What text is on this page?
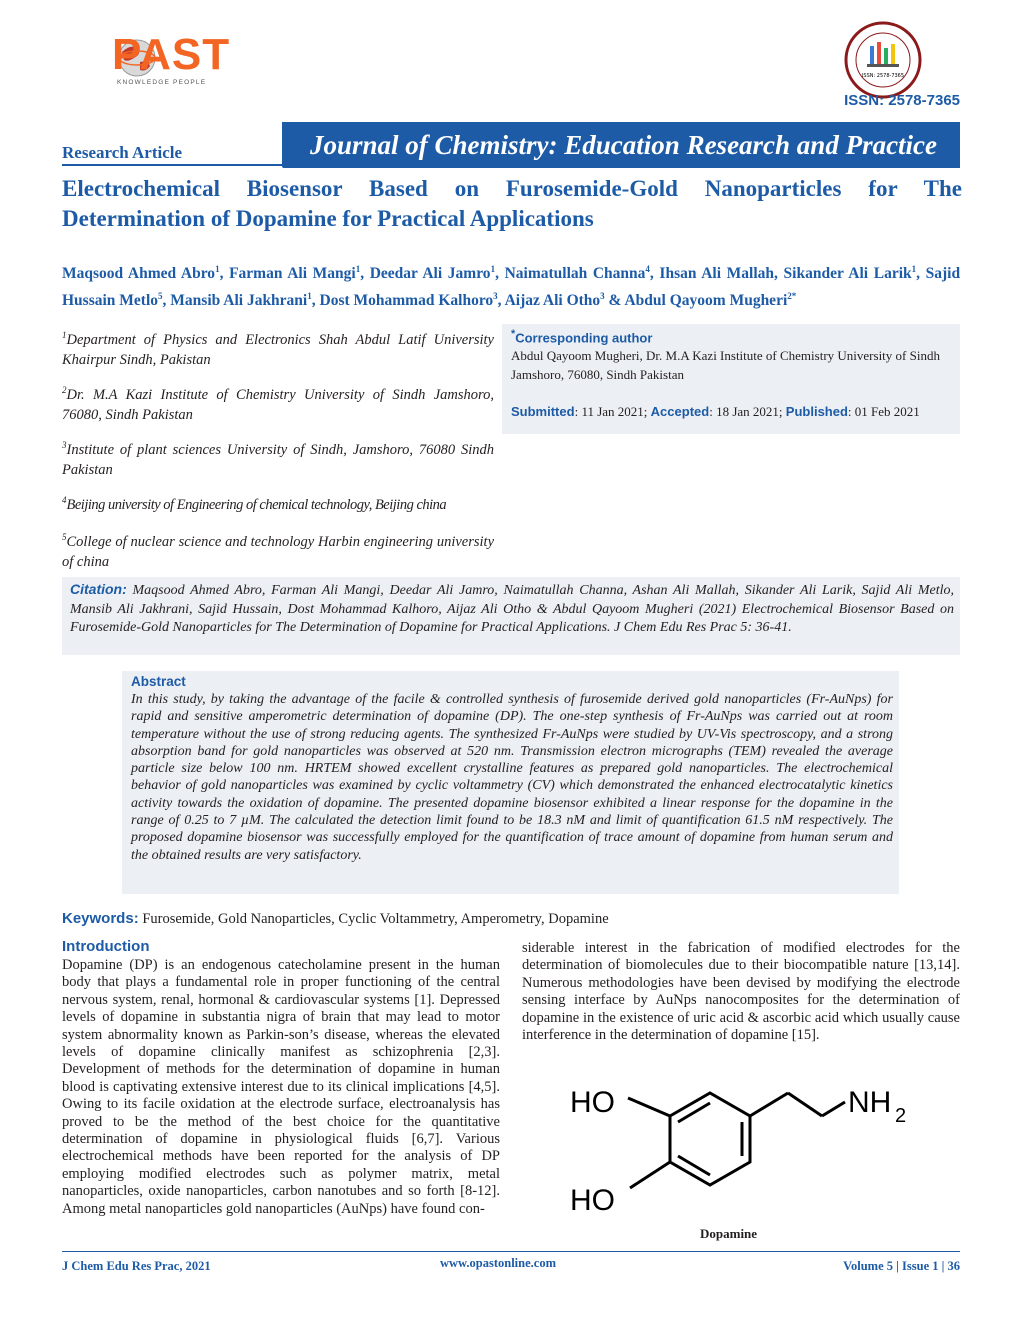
PAST
KNOWLEDGE PEOPLE
ISSN: 2578-7365
ISSN: 2578-7365
Research Article	Journal of Chemistry: Education Research and Practice
Electrochemical Biosensor Based on Furosemide-Gold Nanoparticles for The Determination of Dopamine for Practical Applications
Maqsood Ahmed Abro$^1$, Farman Ali Mangi$^1$, Deedar Ali Jamro$^1$, Naimatullah Channa$^4$, Ihsan Ali Mallah, Sikander Ali Larik$^1$, Sajid Hussain Metlo$^5$, Mansib Ali Jakhrani$^1$, Dost Mohammad Kalhoro$^3$, Aijaz Ali Otho$^3$ & Abdul Qayoom Mugheri$^{2*}$
$^1$Department of Physics and Electronics Shah Abdul Latif University Khairpur Sindh, Pakistan
$^2$Dr. M.A Kazi Institute of Chemistry University of Sindh Jamshoro, 76080, Sindh Pakistan
$^3$Institute of plant sciences University of Sindh, Jamshoro, 76080 Sindh Pakistan
$^4$Beijing university of Engineering of chemical technology, Beijing china
$^5$College of nuclear science and technology Harbin engineering university of china
*Corresponding author
Abdul Qayoom Mugheri, Dr. M.A Kazi Institute of Chemistry University of Sindh Jamshoro, 76080, Sindh Pakistan
Submitted: 11 Jan 2021; Accepted: 18 Jan 2021; Published: 01 Feb 2021
Citation: Maqsood Ahmed Abro, Farman Ali Mangi, Deedar Ali Jamro, Naimatullah Channa, Ashan Ali Mallah, Sikander Ali Larik, Sajid Ali Metlo, Mansib Ali Jakhrani, Sajid Hussain, Dost Mohammad Kalhoro, Aijaz Ali Otho & Abdul Qayoom Mugheri (2021) Electrochemical Biosensor Based on Furosemide-Gold Nanoparticles for The Determination of Dopamine for Practical Applications. J Chem Edu Res Prac 5: 36-41.
Abstract
In this study, by taking the advantage of the facile & controlled synthesis of furosemide derived gold nanoparticles (Fr-AuNps) for rapid and sensitive amperometric determination of dopamine (DP). The one-step synthesis of Fr-AuNps was carried out at room temperature without the use of strong reducing agents. The synthesized Fr-AuNps were studied by UV-Vis spectroscopy, and a strong absorption band for gold nanoparticles was observed at 520 nm. Transmission electron micrographs (TEM) revealed the average particle size below 100 nm. HRTEM showed excellent crystalline features as prepared gold nanoparticles. The electrochemical behavior of gold nanoparticles was examined by cyclic voltammetry (CV) which demonstrated the enhanced electrocatalytic kinetics activity towards the oxidation of dopamine. The presented dopamine biosensor exhibited a linear response for the dopamine in the range of 0.25 to 7 µM. The calculated the detection limit found to be 18.3 nM and limit of quantification 61.5 nM respectively. The proposed dopamine biosensor was successfully employed for the quantification of trace amount of dopamine from human serum and the obtained results are very satisfactory.
Keywords: Furosemide, Gold Nanoparticles, Cyclic Voltammetry, Amperometry, Dopamine
Introduction
Dopamine (DP) is an endogenous catecholamine present in the human body that plays a fundamental role in proper functioning of the central nervous system, renal, hormonal & cardiovascular systems [1]. Depressed levels of dopamine in substantia nigra of brain that may lead to motor system abnormality known as Parkin-son’s disease, whereas the elevated levels of dopamine clinically manifest as schizophrenia [2,3]. Development of methods for the determination of dopamine in human blood is captivating extensive interest due to its clinical implications [4,5]. Owing to its facile oxidation at the electrode surface, electroanalysis has proved to be the method of the best choice for the quantitative determination of dopamine in physiological fluids [6,7]. Various electrochemical methods have been reported for the analysis of DP employing modified electrodes such as polymer matrix, metal nanoparticles, oxide nanoparticles, carbon nanotubes and so forth [8-12]. Among metal nanoparticles gold nanoparticles (AuNps) have found con-
siderable interest in the fabrication of modified electrodes for the determination of biomolecules due to their biocompatible nature [13,14]. Numerous methodologies have been devised by modifying the electrode sensing interface by AuNps nanocomposites for the determination of dopamine in the existence of uric acid & ascorbic acid which usually cause interference in the determination of dopamine [15].
HO
HO
NH 2
Dopamine
J Chem Edu Res Prac, 2021	www.opastonline.com	Volume 5 | Issue 1 | 36
